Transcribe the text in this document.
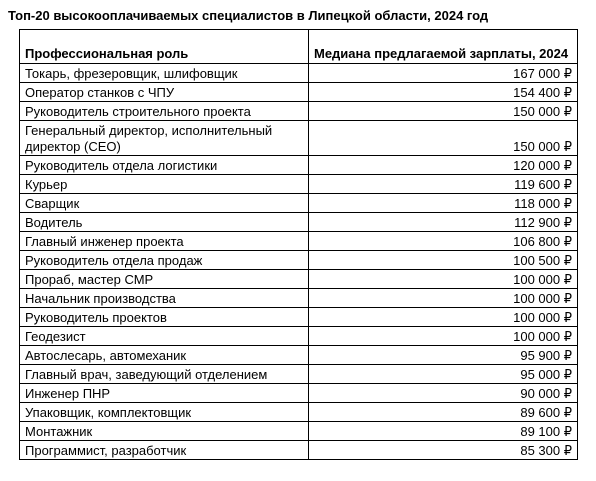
Топ-20 высокооплачиваемых специалистов в Липецкой области, 2024 год
Профессиональная роль	Медиана предлагаемой зарплаты, 2024
Токарь, фрезеровщик, шлифовщик	167 000 ₽
Оператор станков с ЧПУ	154 400 ₽
Руководитель строительного проекта	150 000 ₽
Генеральный директор, исполнительный директор (CEO)	150 000 ₽
Руководитель отдела логистики	120 000 ₽
Курьер	119 600 ₽
Сварщик	118 000 ₽
Водитель	112 900 ₽
Главный инженер проекта	106 800 ₽
Руководитель отдела продаж	100 500 ₽
Прораб, мастер СМР	100 000 ₽
Начальник производства	100 000 ₽
Руководитель проектов	100 000 ₽
Геодезист	100 000 ₽
Автослесарь, автомеханик	95 900 ₽
Главный врач, заведующий отделением	95 000 ₽
Инженер ПНР	90 000 ₽
Упаковщик, комплектовщик	89 600 ₽
Монтажник	89 100 ₽
Программист, разработчик	85 300 ₽
